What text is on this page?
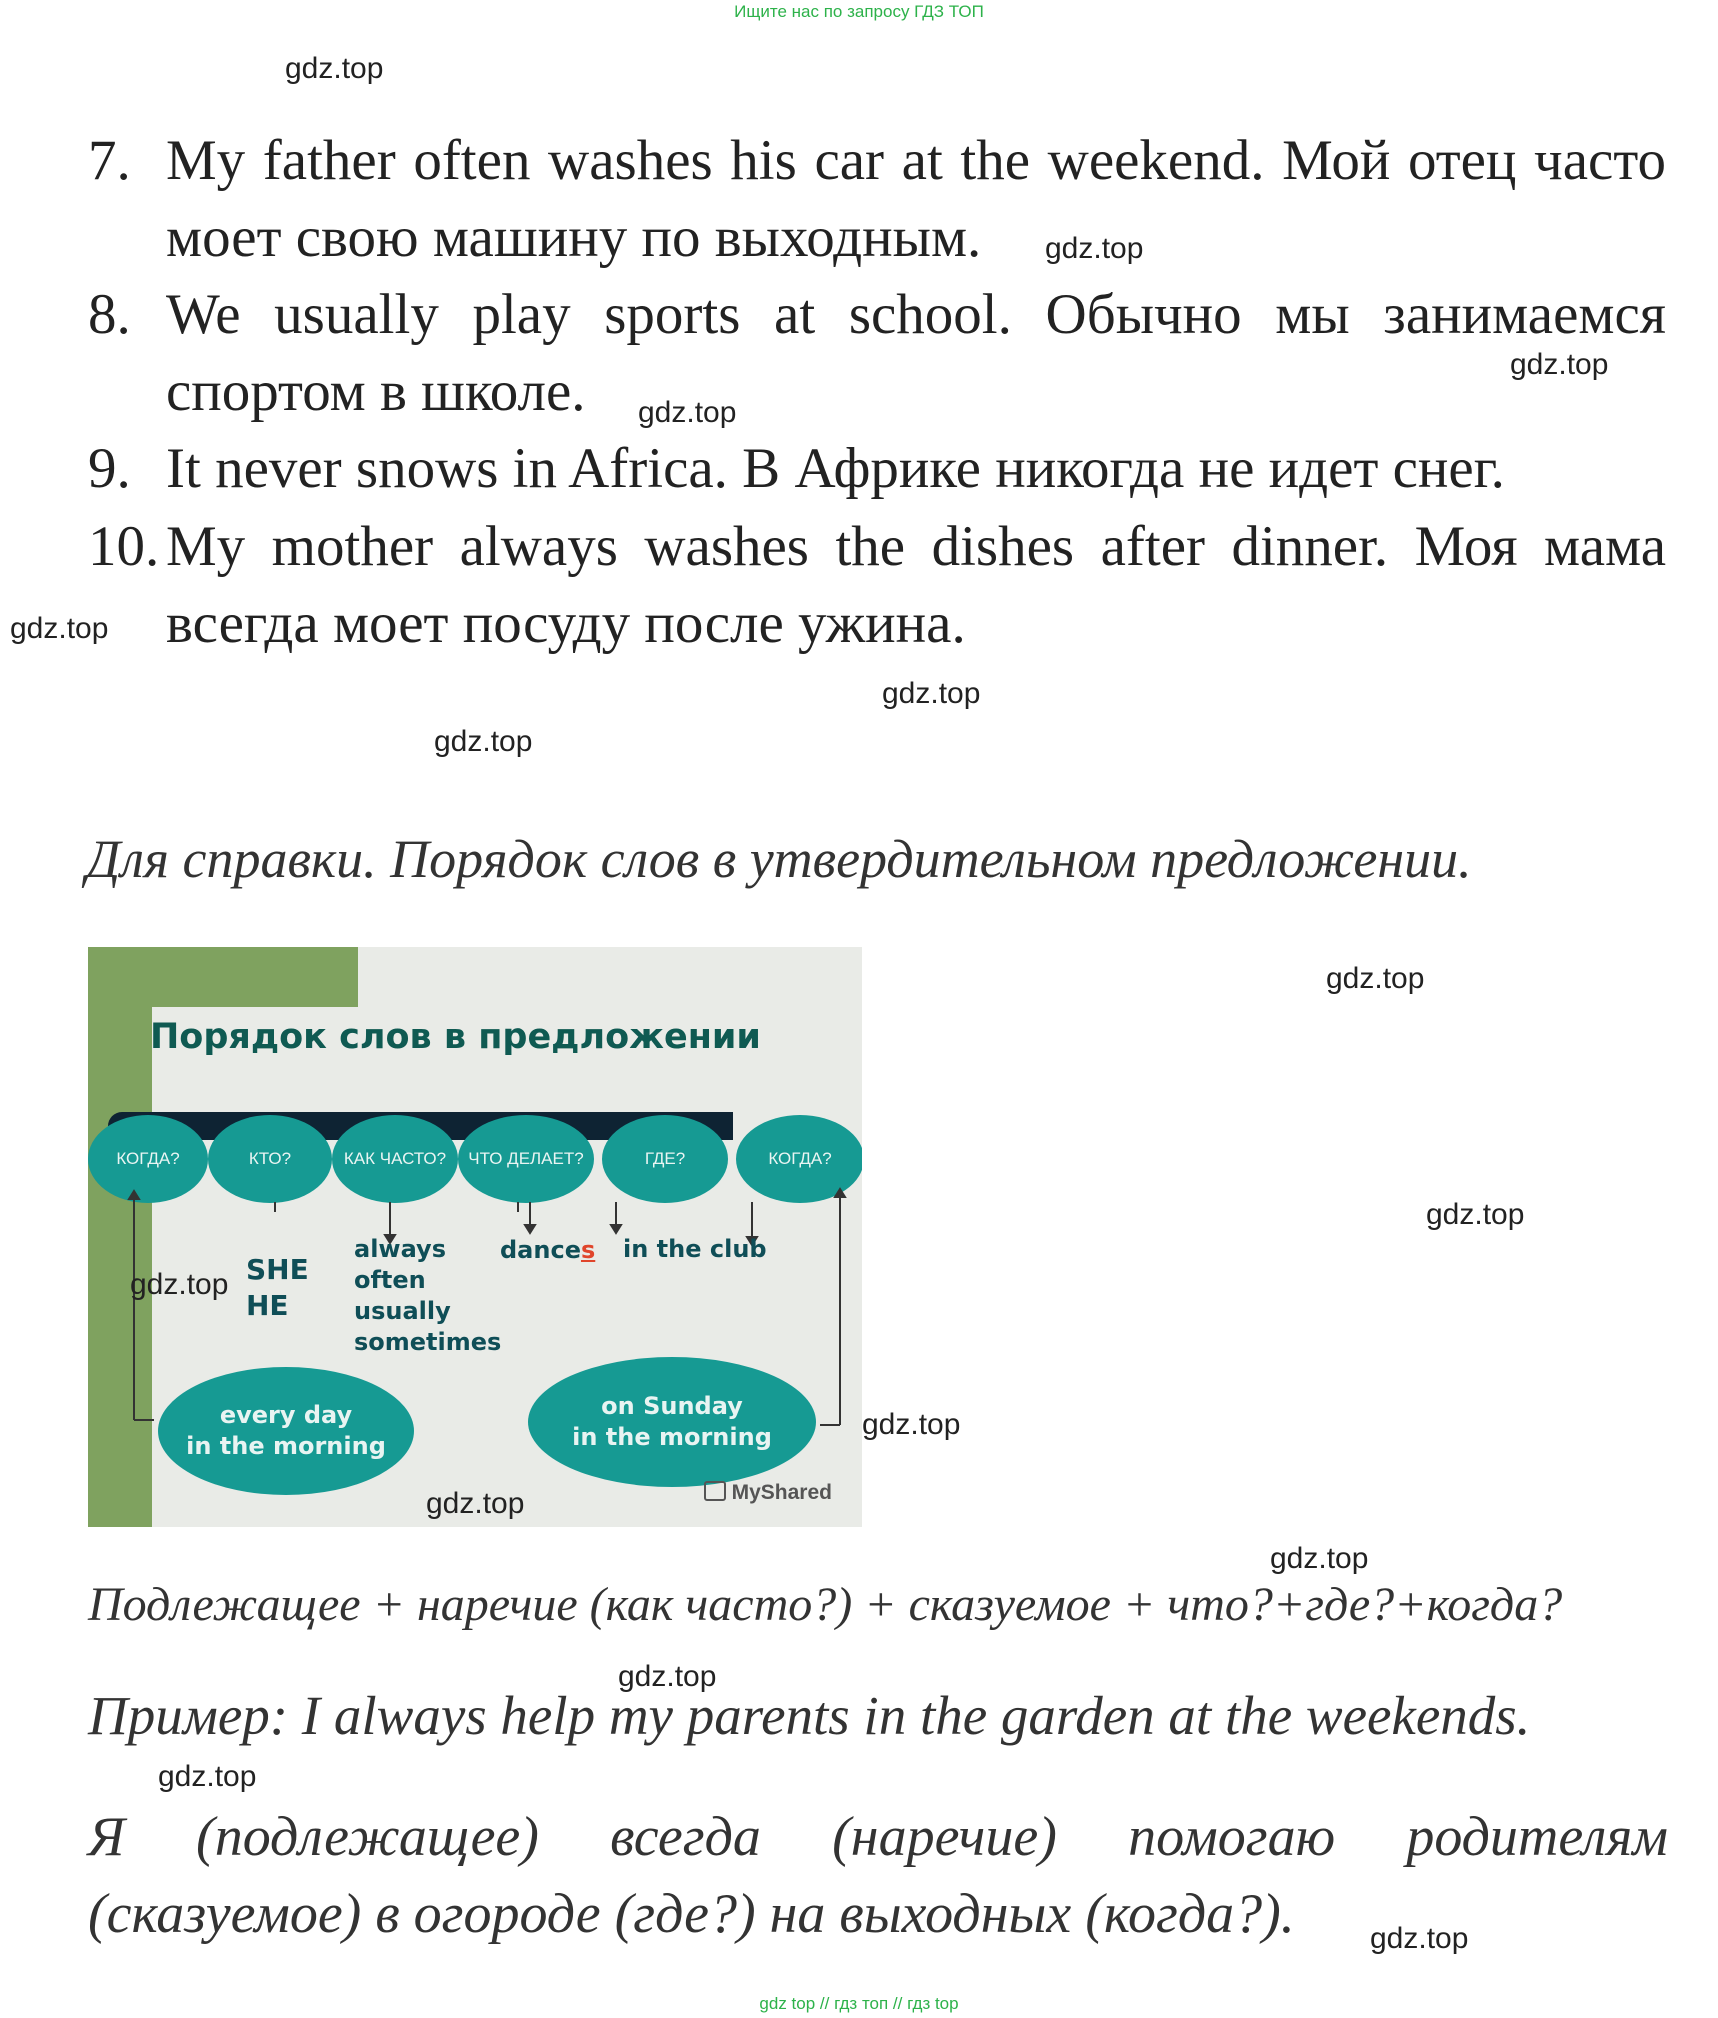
Ищите нас по запросу ГДЗ ТОП
gdz.top
gdz.top
gdz.top
gdz.top
gdz.top
gdz.top
gdz.top
gdz.top
gdz.top
gdz.top
gdz.top
gdz.top
gdz.top
gdz.top
7. My father often washes his car at the weekend. Мой отец часто
моет свою машину по выходным.
8. We usually play sports at school. Обычно мы занимаемся
спортом в школе.
9. It never snows in Africa. В Африке никогда не идет снег.
10. My mother always washes the dishes after dinner. Моя мама
всегда моет посуду после ужина.
Для справки. Порядок слов в утвердительном предложении.
Порядок слов в предложении
КОГДА?	КТО?	КАК ЧАСТО?	ЧТО ДЕЛАЕТ?	ГДЕ?	КОГДА?
SHE
HE
always
often
usually
sometimes
dances in the club
every day
in the morning
on Sunday
in the morning
MyShared
gdz.top
gdz.top
Подлежащее + наречие (как часто?) + сказуемое + что?+где?+когда?
Пример: I always help my parents in the garden at the weekends.
Я (подлежащее) всегда (наречие) помогаю родителям
(сказуемое) в огороде (где?) на выходных (когда?).
gdz top // гдз топ // гдз top
